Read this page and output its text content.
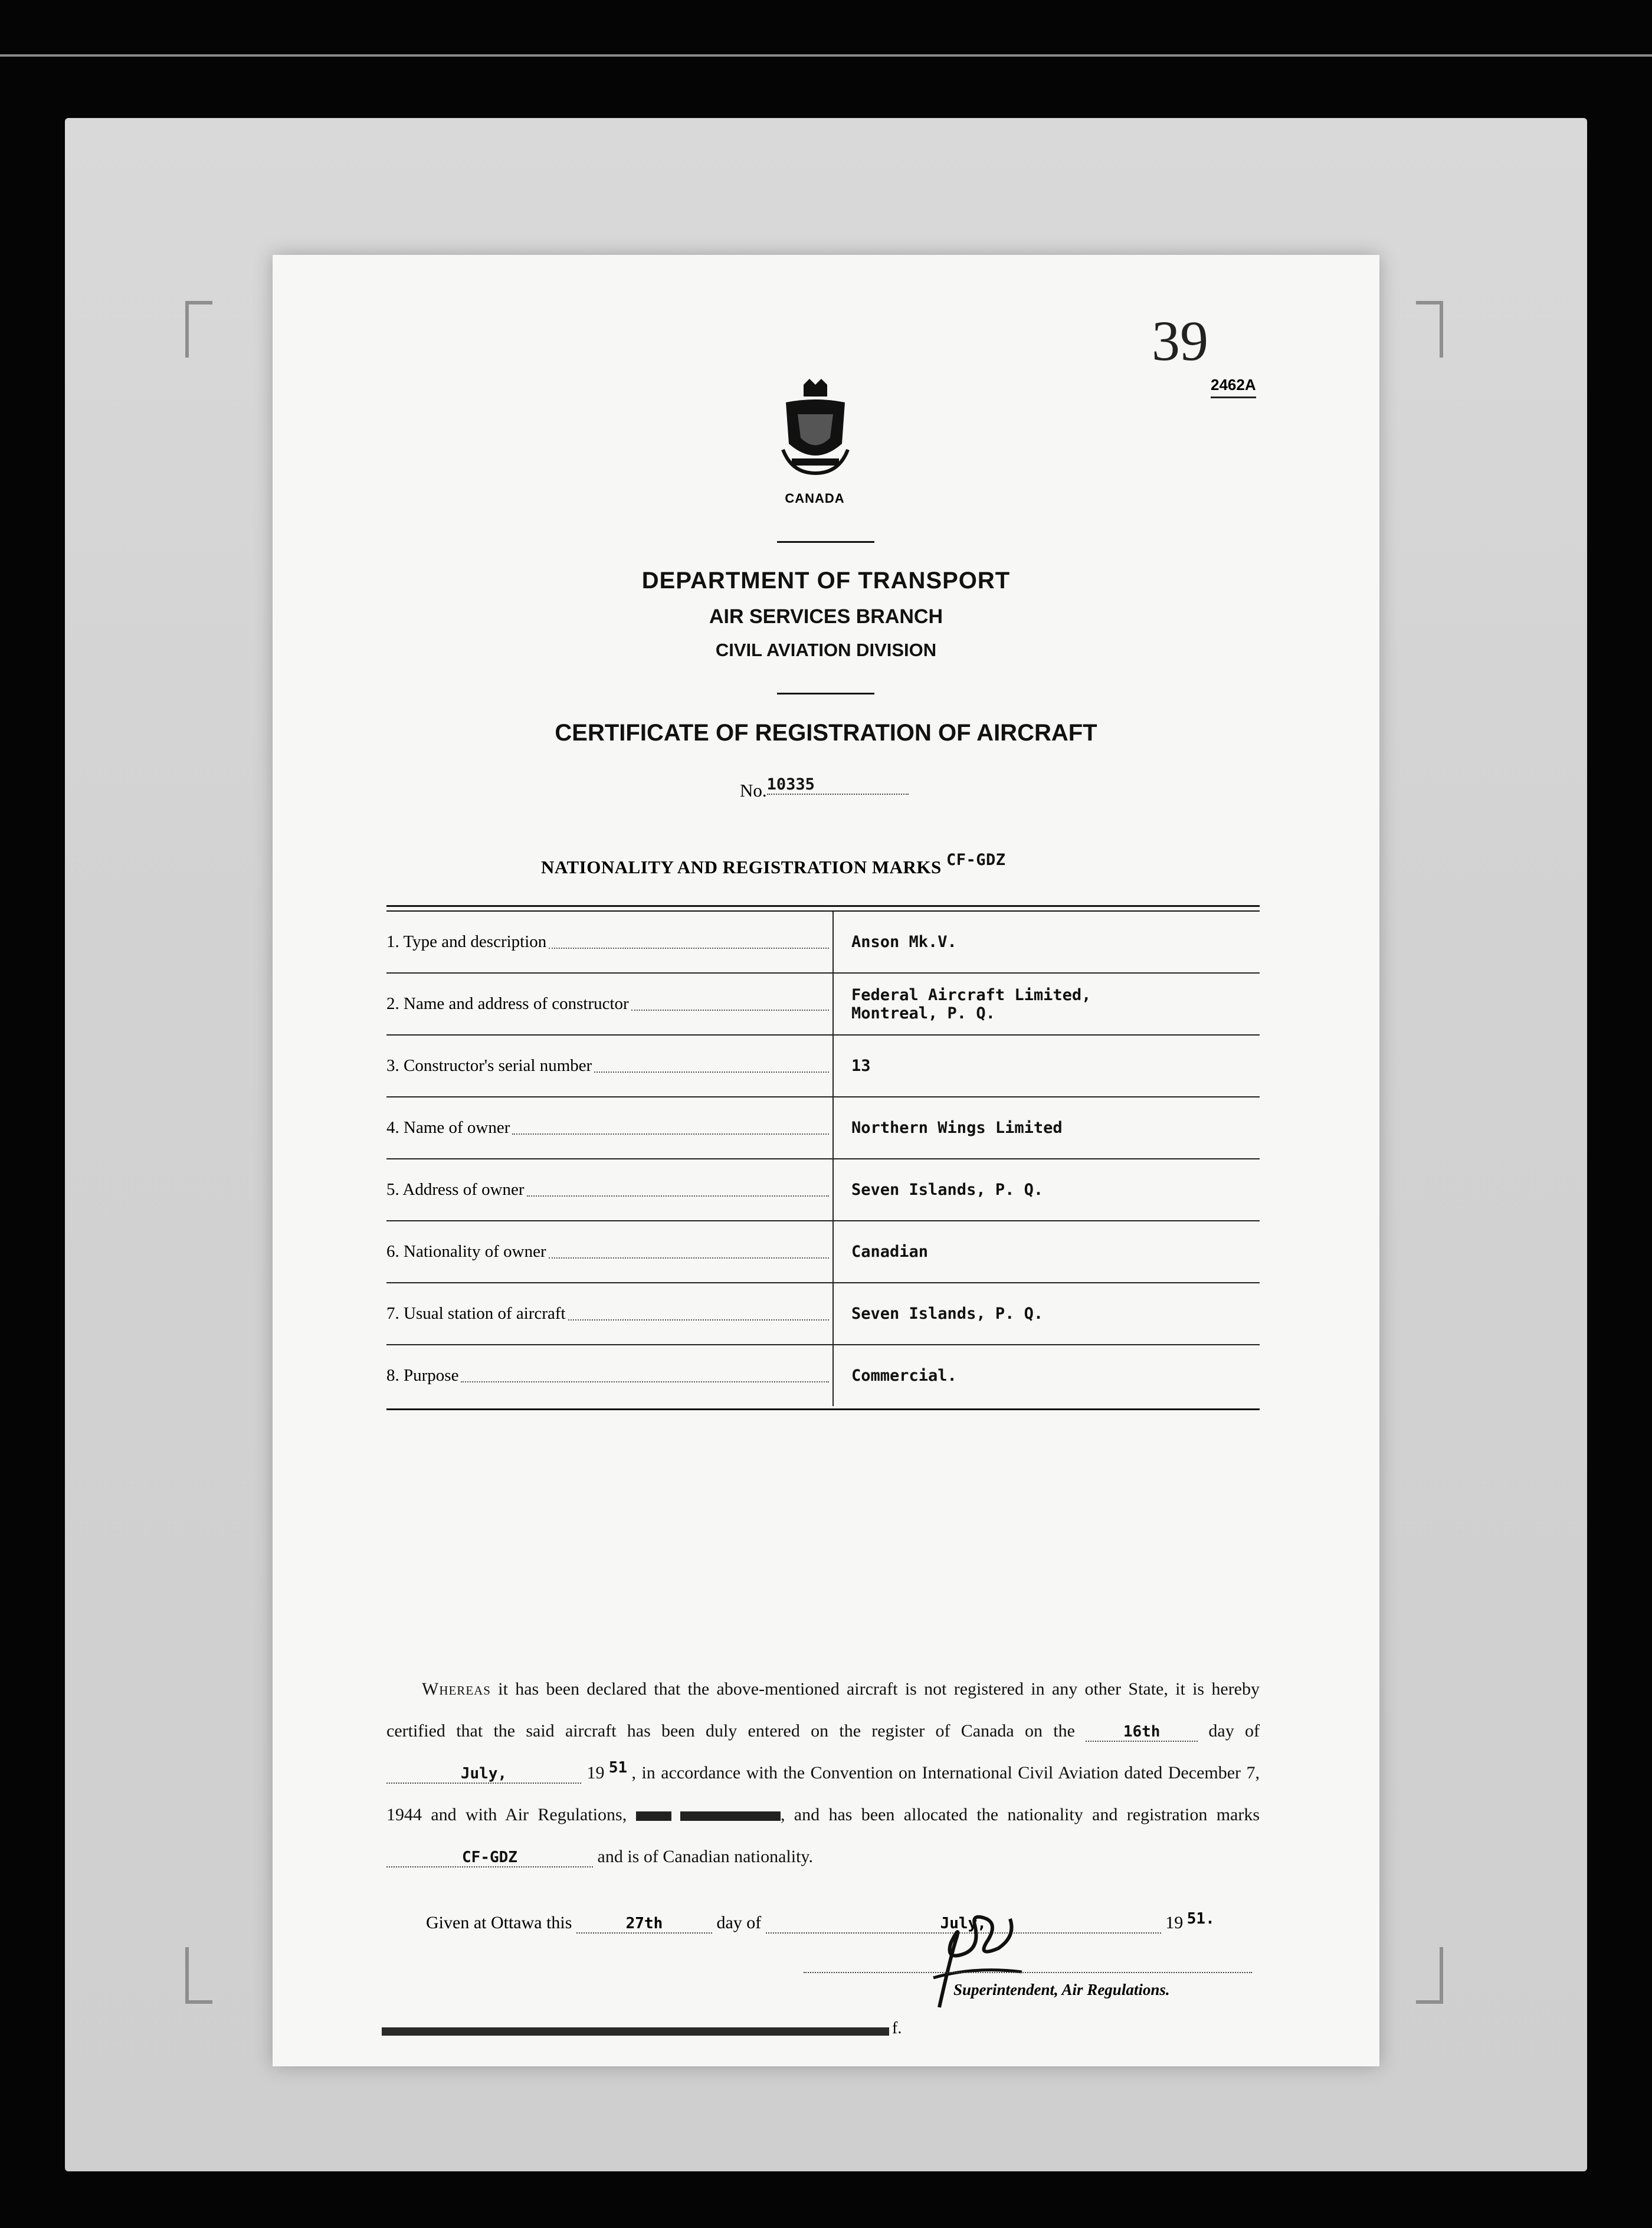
39
2462A
CANADA
DEPARTMENT OF TRANSPORT
AIR SERVICES BRANCH
CIVIL AVIATION DIVISION
CERTIFICATE OF REGISTRATION OF AIRCRAFT
No.10335
NATIONALITY AND REGISTRATION MARKS CF-GDZ
1. Type and description	Anson Mk.V.
2. Name and address of constructor	Federal Aircraft Limited,
Montreal, P. Q.
3. Constructor's serial number	13
4. Name of owner	Northern Wings Limited
5. Address of owner	Seven Islands, P. Q.
6. Nationality of owner	Canadian
7. Usual station of aircraft	Seven Islands, P. Q.
8. Purpose	Commercial.
  Whereas it has been declared that the above-mentioned aircraft is not registered in any other State, it is hereby certified that the said aircraft has been duly entered on the register of Canada on the	16th	day of July,	19 51 , in accordance with the Convention on International Civil Aviation dated December 7, 1944 and with Air Regulations,	, and has been allocated the nationality and registration marks CF-GDZ	and is of Canadian nationality.
Given at Ottawa this	27th	day of	July,	19 51.
Superintendent, Air Regulations.
f.
